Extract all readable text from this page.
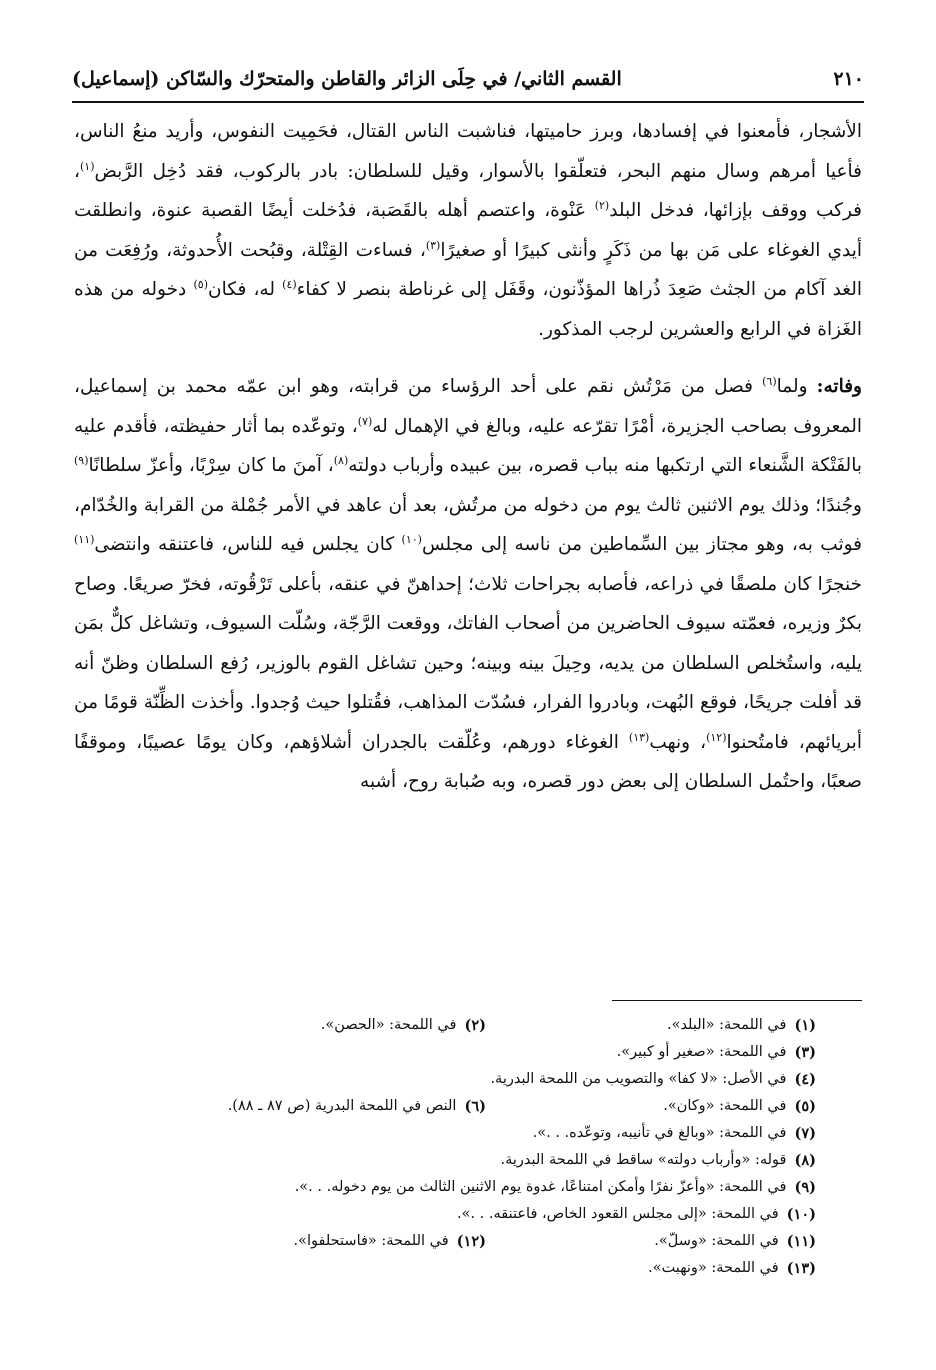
٢١٠
القسم الثاني/ في حِلَى الزائر والقاطن والمتحرّك والسّاكن (إسماعيل)

الأشجار، فأمعنوا في إفسادها، وبرز حاميتها، فناشبت الناس القتال، فحَمِيت النفوس، وأريد منعُ الناس، فأعيا أمرهم وسال منهم البحر، فتعلّقوا بالأسوار، وقيل للسلطان: بادر بالركوب، فقد دُخِل الرَّبض$^{(١)}$، فركب ووقف بإزائها، فدخل البلد$^{(٢)}$ عَنْوة، واعتصم أهله بالقَصَبة، فدُخلت أيضًا القصبة عنوة، وانطلقت أيدي الغوغاء على مَن بها من ذَكَرٍ وأنثى كبيرًا أو صغيرًا$^{(٣)}$، فساءت القِتْلة، وقبُحت الأُحدوثة، ورُفِعَت من الغد آكام من الجثث صَعِدَ ذُراها المؤذّنون، وقَفَل إلى غرناطة بنصر لا كفاء$^{(٤)}$ له، فكان$^{(٥)}$ دخوله من هذه الغَزاة في الرابع والعشرين لرجب المذكور.

وفاته: ولما$^{(٦)}$ فصل من مَرْتُش نقم على أحد الرؤساء من قرابته، وهو ابن عمّه محمد بن إسماعيل، المعروف بصاحب الجزيرة، أمْرًا تقرّعه عليه، وبالغ في الإهمال له$^{(٧)}$، وتوعّده بما أثار حفيظته، فأقدم عليه بالفَتْكة الشَّنعاء التي ارتكبها منه بباب قصره، بين عبيده وأرباب دولته$^{(٨)}$، آمنَ ما كان سِرْبًا، وأعزّ سلطانًا$^{(٩)}$ وجُندًا؛ وذلك يوم الاثنين ثالث يوم من دخوله من مرتُش، بعد أن عاهد في الأمر جُمْلة من القرابة والخُدّام، فوثب به، وهو مجتاز بين السِّماطين من ناسه إلى مجلس$^{(١٠)}$ كان يجلس فيه للناس، فاعتنقه وانتضى$^{(١١)}$ خنجرًا كان ملصقًا في ذراعه، فأصابه بجراحات ثلاث؛ إحداهنّ في عنقه، بأعلى تَرْقُوته، فخرّ صريعًا. وصاح بكرٌ وزيره، فعمّته سيوف الحاضرين من أصحاب الفاتك، ووقعت الرَّجّة، وسُلّت السيوف، وتشاغل كلٌّ بمَن يليه، واستُخلص السلطان من يديه، وحِيلَ بينه وبينه؛ وحين تشاغل القوم بالوزير، رُفع السلطان وظنّ أنه قد أفلت جريحًا، فوقع البُهت، وبادروا الفرار، فسُدّت المذاهب، فقُتلوا حيث وُجدوا. وأخذت الظِّنّة قومًا من أبريائهم، فامتُحنوا$^{(١٢)}$، ونهب$^{(١٣)}$ الغوغاء دورهم، وعُلّقت بالجدران أشلاؤهم، وكان يومًا عصيبًا، وموقفًا صعبًا، واحتُمل السلطان إلى بعض دور قصره، وبه صُبابة روح، أشبه

(١)
في اللمحة: «البلد».
(٢)
في اللمحة: «الحصن».
(٣)
في اللمحة: «صغير أو كبير».
(٤)
في الأصل: «لا كفا» والتصويب من اللمحة البدرية.
(٥)
في اللمحة: «وكان».
(٦)
النص في اللمحة البدرية (ص ٨٧ ـ ٨٨).
(٧)
في اللمحة: «وبالغ في تأنيبه، وتوعّده. . .».
(٨)
قوله: «وأرباب دولته» ساقط في اللمحة البدرية.
(٩)
في اللمحة: «وأعزّ نفرًا وأمكن امتناعًا، غدوة يوم الاثنين الثالث من يوم دخوله. . .».
(١٠)
في اللمحة: «إلى مجلس القعود الخاص، فاعتنقه. . .».
(١١)
في اللمحة: «وسلّ».
(١٢)
في اللمحة: «فاستحلفوا».
(١٣)
في اللمحة: «ونهبت».
